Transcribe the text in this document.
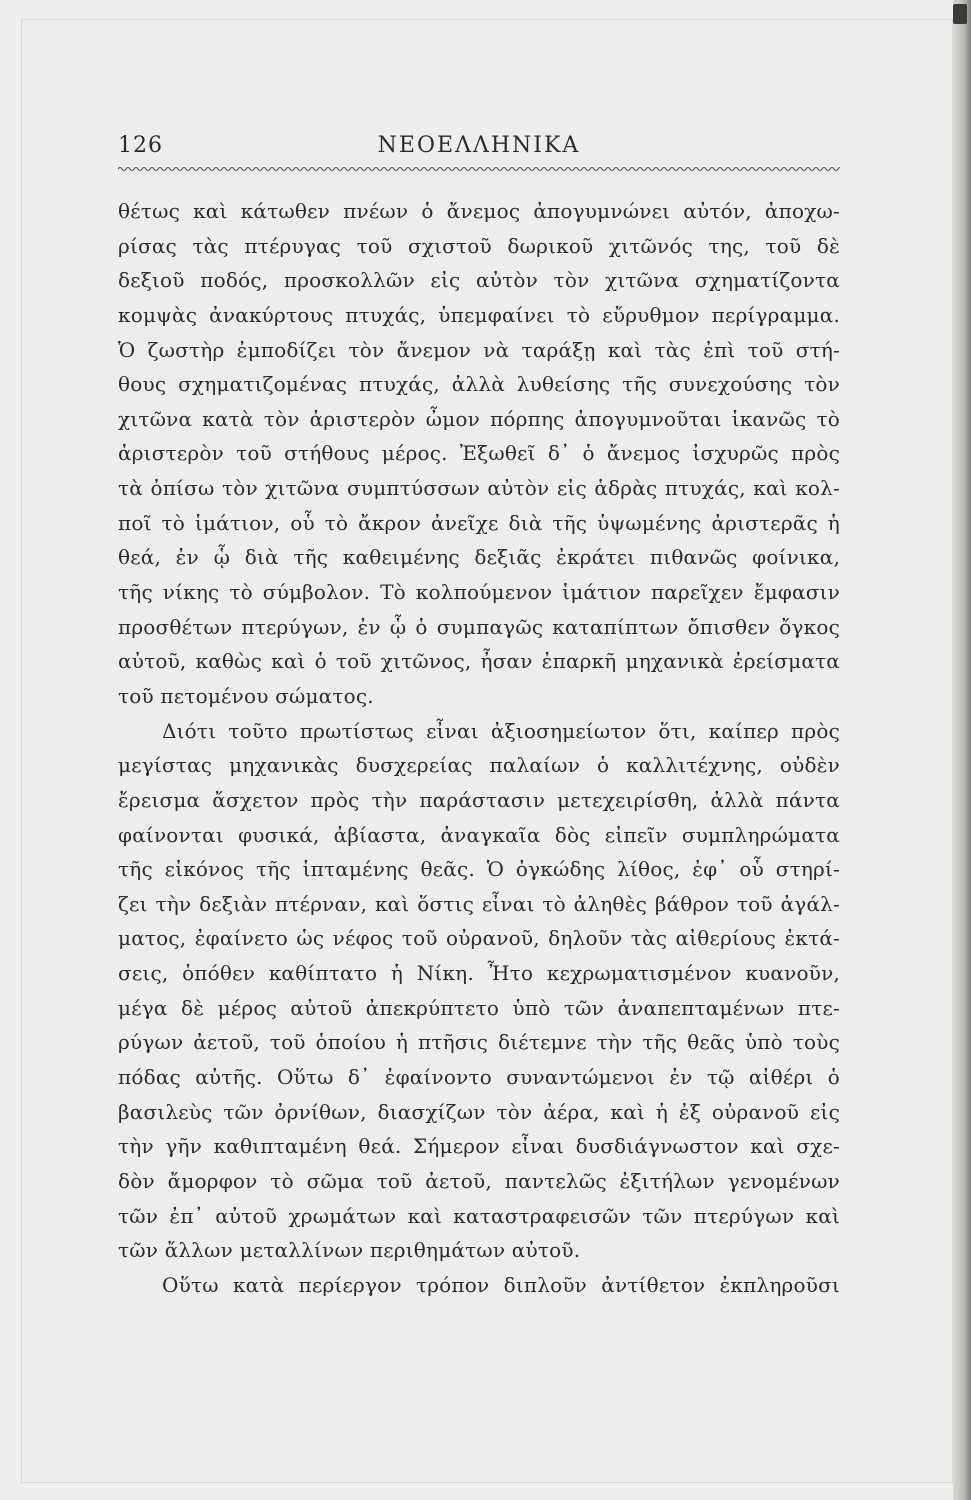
126	ΝΕΟΕΛΛΗΝΙΚΑ
θέτως καὶ κάτωθεν πνέων ὁ ἄνεμος ἀπογυμνώνει αὐτόν, ἀποχω-
ρίσας τὰς πτέρυγας τοῦ σχιστοῦ δωρικοῦ χιτῶνός της, τοῦ δὲ
δεξιοῦ ποδός, προσκολλῶν εἰς αὐτὸν τὸν χιτῶνα σχηματίζοντα
κομψὰς ἀνακύρτους πτυχάς, ὑπεμφαίνει τὸ εὔρυθμον περίγραμμα.
Ὁ ζωστὴρ ἐμποδίζει τὸν ἄνεμον νὰ ταράξῃ καὶ τὰς ἐπὶ τοῦ στή-
θους σχηματιζομένας πτυχάς, ἀλλὰ λυθείσης τῆς συνεχούσης τὸν
χιτῶνα κατὰ τὸν ἀριστερὸν ὦμον πόρπης ἀπογυμνοῦται ἱκανῶς τὸ
ἀριστερὸν τοῦ στήθους μέρος. Ἐξωθεῖ δ᾽ ὁ ἄνεμος ἰσχυρῶς πρὸς
τὰ ὀπίσω τὸν χιτῶνα συμπτύσσων αὐτὸν εἰς ἁδρὰς πτυχάς, καὶ κολ-
ποῖ τὸ ἱμάτιον, οὗ τὸ ἄκρον ἀνεῖχε διὰ τῆς ὑψωμένης ἀριστερᾶς ἡ
θεά, ἐν ᾧ διὰ τῆς καθειμένης δεξιᾶς ἐκράτει πιθανῶς φοίνικα,
τῆς νίκης τὸ σύμβολον. Τὸ κολπούμενον ἱμάτιον παρεῖχεν ἔμφασιν
προσθέτων πτερύγων, ἐν ᾧ ὁ συμπαγῶς καταπίπτων ὄπισθεν ὄγκος
αὐτοῦ, καθὼς καὶ ὁ τοῦ χιτῶνος, ἦσαν ἐπαρκῆ μηχανικὰ ἐρείσματα
τοῦ πετομένου σώματος.
Διότι τοῦτο πρωτίστως εἶναι ἀξιοσημείωτον ὅτι, καίπερ πρὸς
μεγίστας μηχανικὰς δυσχερείας παλαίων ὁ καλλιτέχνης, οὐδὲν
ἔρεισμα ἄσχετον πρὸς τὴν παράστασιν μετεχειρίσθη, ἀλλὰ πάντα
φαίνονται φυσικά, ἀβίαστα, ἀναγκαῖα δὸς εἰπεῖν συμπληρώματα
τῆς εἰκόνος τῆς ἱπταμένης θεᾶς. Ὁ ὀγκώδης λίθος, ἐφ᾽ οὗ στηρί-
ζει τὴν δεξιὰν πτέρναν, καὶ ὅστις εἶναι τὸ ἀληθὲς βάθρον τοῦ ἀγάλ-
ματος, ἐφαίνετο ὡς νέφος τοῦ οὐρανοῦ, δηλοῦν τὰς αἰθερίους ἐκτά-
σεις, ὁπόθεν καθίπτατο ἡ Νίκη. Ἦτο κεχρωματισμένον κυανοῦν,
μέγα δὲ μέρος αὐτοῦ ἀπεκρύπτετο ὑπὸ τῶν ἀναπεπταμένων πτε-
ρύγων ἀετοῦ, τοῦ ὁποίου ἡ πτῆσις διέτεμνε τὴν τῆς θεᾶς ὑπὸ τοὺς
πόδας αὐτῆς. Οὕτω δ᾽ ἐφαίνοντο συναντώμενοι ἐν τῷ αἰθέρι ὁ
βασιλεὺς τῶν ὀρνίθων, διασχίζων τὸν ἀέρα, καὶ ἡ ἐξ οὐρανοῦ εἰς
τὴν γῆν καθιπταμένη θεά. Σήμερον εἶναι δυσδιάγνωστον καὶ σχε-
δὸν ἄμορφον τὸ σῶμα τοῦ ἀετοῦ, παντελῶς ἐξιτήλων γενομένων
τῶν ἐπ᾽ αὐτοῦ χρωμάτων καὶ καταστραφεισῶν τῶν πτερύγων καὶ
τῶν ἄλλων μεταλλίνων περιθημάτων αὐτοῦ.
Οὕτω κατὰ περίεργον τρόπον διπλοῦν ἀντίθετον ἐκπληροῦσι
